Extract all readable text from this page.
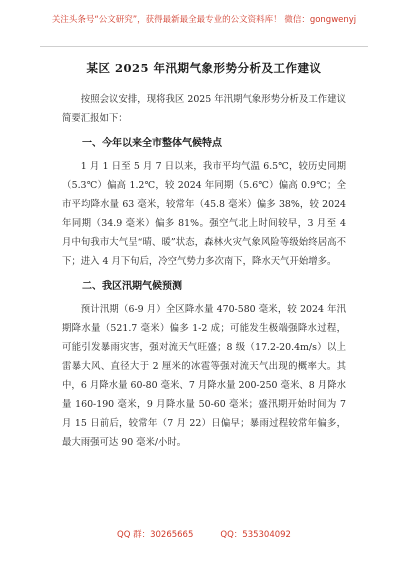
关注头条号“公文研究”，获得最新最全最专业的公文资料库！ 微信：gongwenyj
某区 2025 年汛期气象形势分析及工作建议

按照会议安排，现将我区 2025 年汛期气象形势分析及工作建议简要汇报如下：

一、今年以来全市整体气候特点

1 月 1 日至 5 月 7 日以来，我市平均气温 6.5℃，较历史同期（5.3℃）偏高 1.2℃，较 2024 年同期（5.6℃）偏高 0.9℃；全市平均降水量 63 毫米，较常年（45.8 毫米）偏多 38%，较 2024 年同期（34.9 毫米）偏多 81%。强空气北上时间较早，3 月至 4 月中旬我市大气呈“晴、暖”状态，森林火灾气象风险等级始终居高不下；进入 4 月下旬后，冷空气势力多次南下，降水天气开始增多。

二、我区汛期气候预测

预计汛期（6-9 月）全区降水量 470-580 毫米，较 2024 年汛期降水量（521.7 毫米）偏多 1-2 成；可能发生极端强降水过程，可能引发暴雨灾害，强对流天气旺盛；8 级（17.2-20.4m/s）以上雷暴大风、直径大于 2 厘米的冰雹等强对流天气出现的概率大。其中，6 月降水量 60-80 毫米、7 月降水量 200-250 毫米、8 月降水量 160-190 毫米，9 月降水量 50-60 毫米；盛汛期开始时间为 7 月 15 日前后，较常年（7 月 22）日偏早；暴雨过程较常年偏多，最大雨强可达 90 毫米/小时。

QQ 群：30265665	QQ：535304092
